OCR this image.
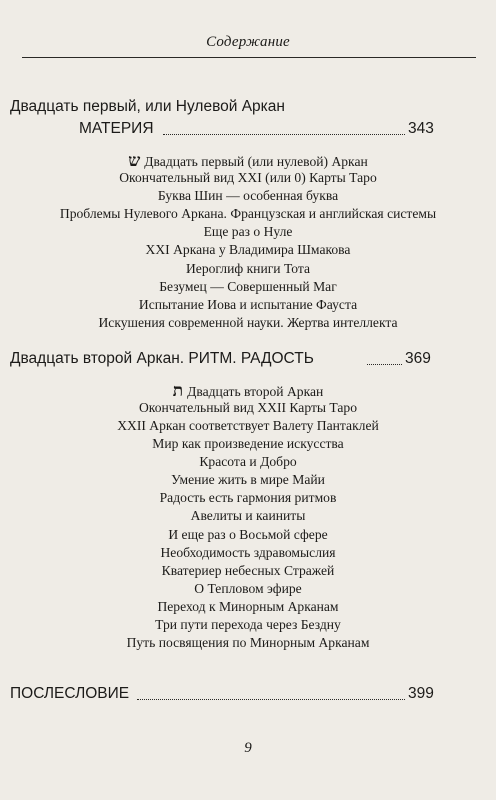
Содержание
Двадцать первый, или Нулевой Аркан
МАТЕРИЯ	343
ש Двадцать первый (или нулевой) Аркан
Окончательный вид XXI (или 0) Карты Таро
Буква Шин — особенная буква
Проблемы Нулевого Аркана. Французская и английская системы
Еще раз о Нуле
XXI Аркана у Владимира Шмакова
Иероглиф книги Тота
Безумец — Совершенный Маг
Испытание Иова и испытание Фауста
Искушения современной науки. Жертва интеллекта
Двадцать второй Аркан. РИТМ. РАДОСТЬ	369
ת Двадцать второй Аркан
Окончательный вид XXII Карты Таро
XXII Аркан соответствует Валету Пантаклей
Мир как произведение искусства
Красота и Добро
Умение жить в мире Майи
Радость есть гармония ритмов
Авелиты и каиниты
И еще раз о Восьмой сфере
Необходимость здравомыслия
Кватериер небесных Стражей
О Тепловом эфире
Переход к Минорным Арканам
Три пути перехода через Бездну
Путь посвящения по Минорным Арканам
ПОСЛЕСЛОВИЕ	399
9
